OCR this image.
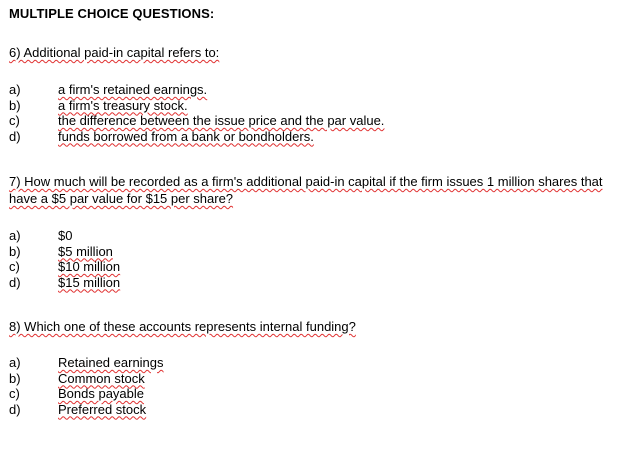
MULTIPLE CHOICE QUESTIONS:
6) Additional paid-in capital refers to:
a)	a firm's retained earnings.
b)	a firm's treasury stock.
c)	the difference between the issue price and the par value.
d)	funds borrowed from a bank or bondholders.
7) How much will be recorded as a firm's additional paid-in capital if the firm issues 1 million shares that have a $5 par value for $15 per share?
a)	$0
b)	$5 million
c)	$10 million
d)	$15 million
8) Which one of these accounts represents internal funding?
a)	Retained earnings
b)	Common stock
c)	Bonds payable
d)	Preferred stock
